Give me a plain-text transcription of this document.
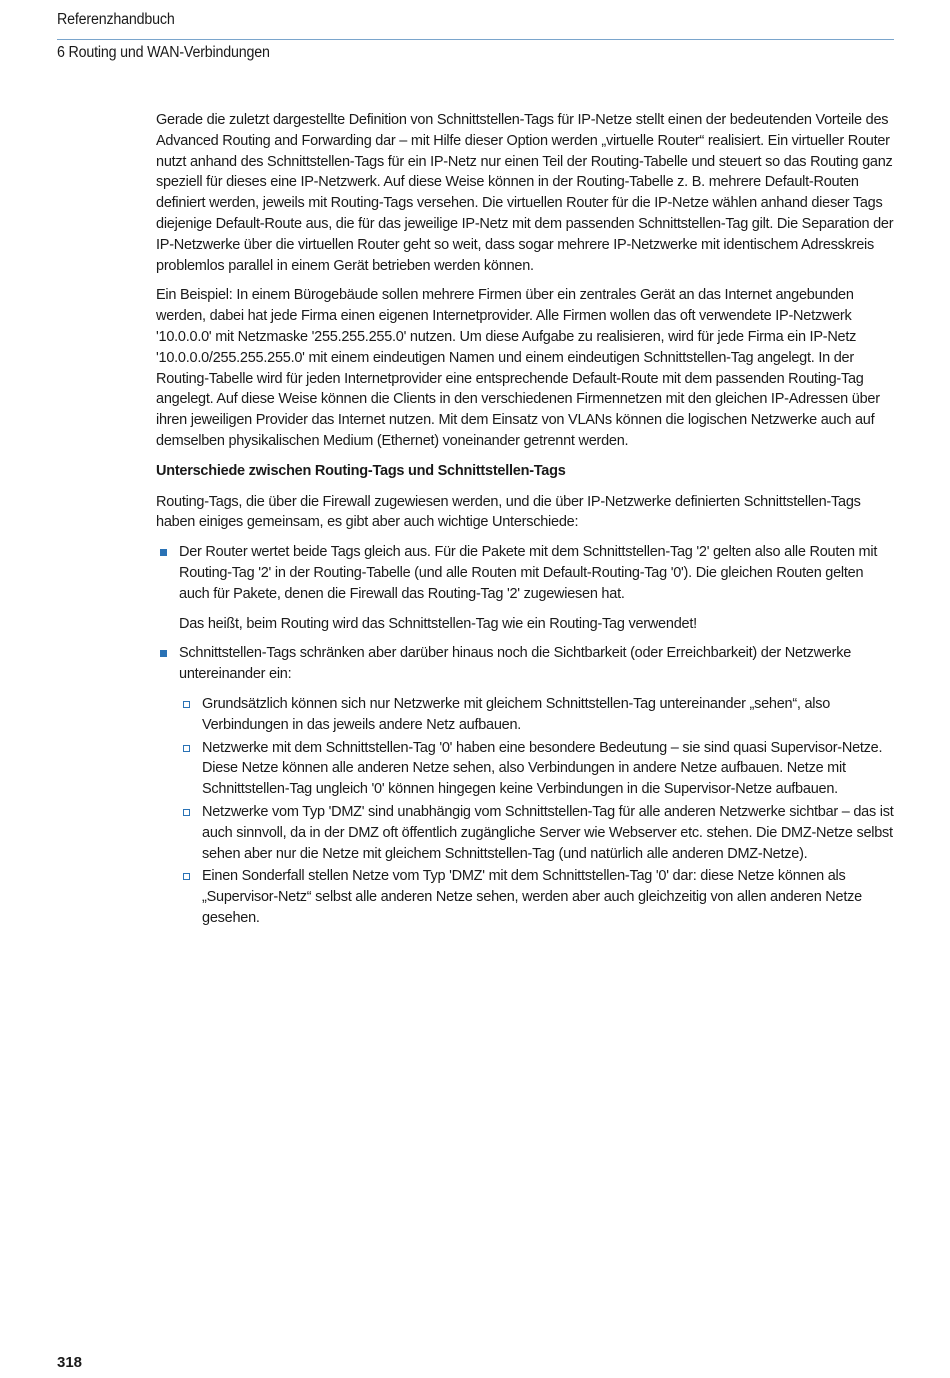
Referenzhandbuch
6 Routing und WAN-Verbindungen

Gerade die zuletzt dargestellte Definition von Schnittstellen-Tags für IP-Netze stellt einen der bedeutenden Vorteile des Advanced Routing and Forwarding dar – mit Hilfe dieser Option werden „virtuelle Router“ realisiert. Ein virtueller Router nutzt anhand des Schnittstellen-Tags für ein IP-Netz nur einen Teil der Routing-Tabelle und steuert so das Routing ganz speziell für dieses eine IP-Netzwerk. Auf diese Weise können in der Routing-Tabelle z. B. mehrere Default-Routen definiert werden, jeweils mit Routing-Tags versehen. Die virtuellen Router für die IP-Netze wählen anhand dieser Tags diejenige Default-Route aus, die für das jeweilige IP-Netz mit dem passenden Schnittstellen-Tag gilt. Die Separation der IP-Netzwerke über die virtuellen Router geht so weit, dass sogar mehrere IP-Netzwerke mit identischem Adresskreis problemlos parallel in einem Gerät betrieben werden können.

Ein Beispiel: In einem Bürogebäude sollen mehrere Firmen über ein zentrales Gerät an das Internet angebunden werden, dabei hat jede Firma einen eigenen Internetprovider. Alle Firmen wollen das oft verwendete IP-Netzwerk '10.0.0.0' mit Netzmaske '255.255.255.0' nutzen. Um diese Aufgabe zu realisieren, wird für jede Firma ein IP-Netz '10.0.0.0/255.255.255.0' mit einem eindeutigen Namen und einem eindeutigen Schnittstellen-Tag angelegt. In der Routing-Tabelle wird für jeden Internetprovider eine entsprechende Default-Route mit dem passenden Routing-Tag angelegt. Auf diese Weise können die Clients in den verschiedenen Firmennetzen mit den gleichen IP-Adressen über ihren jeweiligen Provider das Internet nutzen. Mit dem Einsatz von VLANs können die logischen Netzwerke auch auf demselben physikalischen Medium (Ethernet) voneinander getrennt werden.

Unterschiede zwischen Routing-Tags und Schnittstellen-Tags

Routing-Tags, die über die Firewall zugewiesen werden, und die über IP-Netzwerke definierten Schnittstellen-Tags haben einiges gemeinsam, es gibt aber auch wichtige Unterschiede:

Der Router wertet beide Tags gleich aus. Für die Pakete mit dem Schnittstellen-Tag '2' gelten also alle Routen mit Routing-Tag '2' in der Routing-Tabelle (und alle Routen mit Default-Routing-Tag '0'). Die gleichen Routen gelten auch für Pakete, denen die Firewall das Routing-Tag '2' zugewiesen hat.

Das heißt, beim Routing wird das Schnittstellen-Tag wie ein Routing-Tag verwendet!

Schnittstellen-Tags schränken aber darüber hinaus noch die Sichtbarkeit (oder Erreichbarkeit) der Netzwerke untereinander ein:

Grundsätzlich können sich nur Netzwerke mit gleichem Schnittstellen-Tag untereinander „sehen“, also Verbindungen in das jeweils andere Netz aufbauen.
Netzwerke mit dem Schnittstellen-Tag '0' haben eine besondere Bedeutung – sie sind quasi Supervisor-Netze. Diese Netze können alle anderen Netze sehen, also Verbindungen in andere Netze aufbauen. Netze mit Schnittstellen-Tag ungleich '0' können hingegen keine Verbindungen in die Supervisor-Netze aufbauen.
Netzwerke vom Typ 'DMZ' sind unabhängig vom Schnittstellen-Tag für alle anderen Netzwerke sichtbar – das ist auch sinnvoll, da in der DMZ oft öffentlich zugängliche Server wie Webserver etc. stehen. Die DMZ-Netze selbst sehen aber nur die Netze mit gleichem Schnittstellen-Tag (und natürlich alle anderen DMZ-Netze).
Einen Sonderfall stellen Netze vom Typ 'DMZ' mit dem Schnittstellen-Tag '0' dar: diese Netze können als „Supervisor-Netz“ selbst alle anderen Netze sehen, werden aber auch gleichzeitig von allen anderen Netze gesehen.
318
